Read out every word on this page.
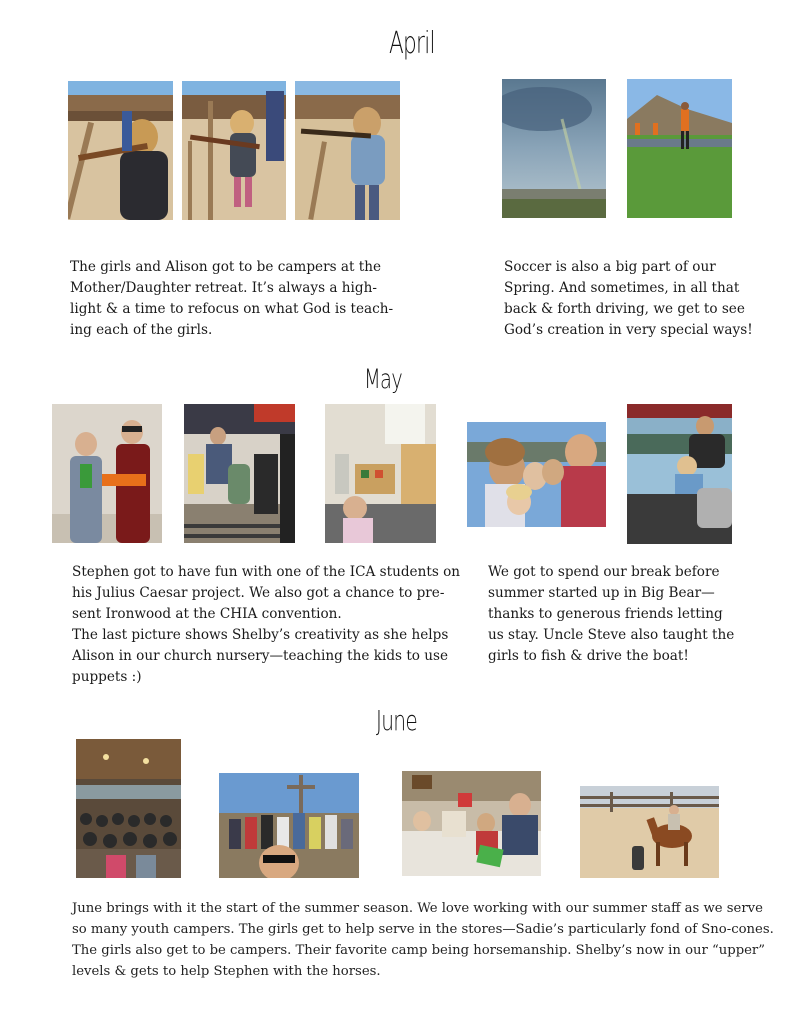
April

The girls and Alison got to be campers at the
Mother/Daughter retreat. It’s always a high-
light & a time to refocus on what God is teach-
ing each of the girls.

Soccer is also a big part of our
Spring. And sometimes, in all that
back & forth driving, we get to see
God’s creation in very special ways!

May

Stephen got to have fun with one of the ICA students on
his Julius Caesar project. We also got a chance to pre-
sent Ironwood at the CHIA convention.
The last picture shows Shelby’s creativity as she helps
Alison in our church nursery—teaching the kids to use
puppets :)

We got to spend our break before
summer started up in Big Bear—
thanks to generous friends letting
us stay. Uncle Steve also taught the
girls to fish & drive the boat!

June

June brings with it the start of the summer season. We love working with our summer staff as we serve
so many youth campers. The girls get to help serve in the stores—Sadie’s particularly fond of Sno-cones.
The girls also get to be campers. Their favorite camp being horsemanship. Shelby’s now in our “upper”
levels & gets to help Stephen with the horses.
